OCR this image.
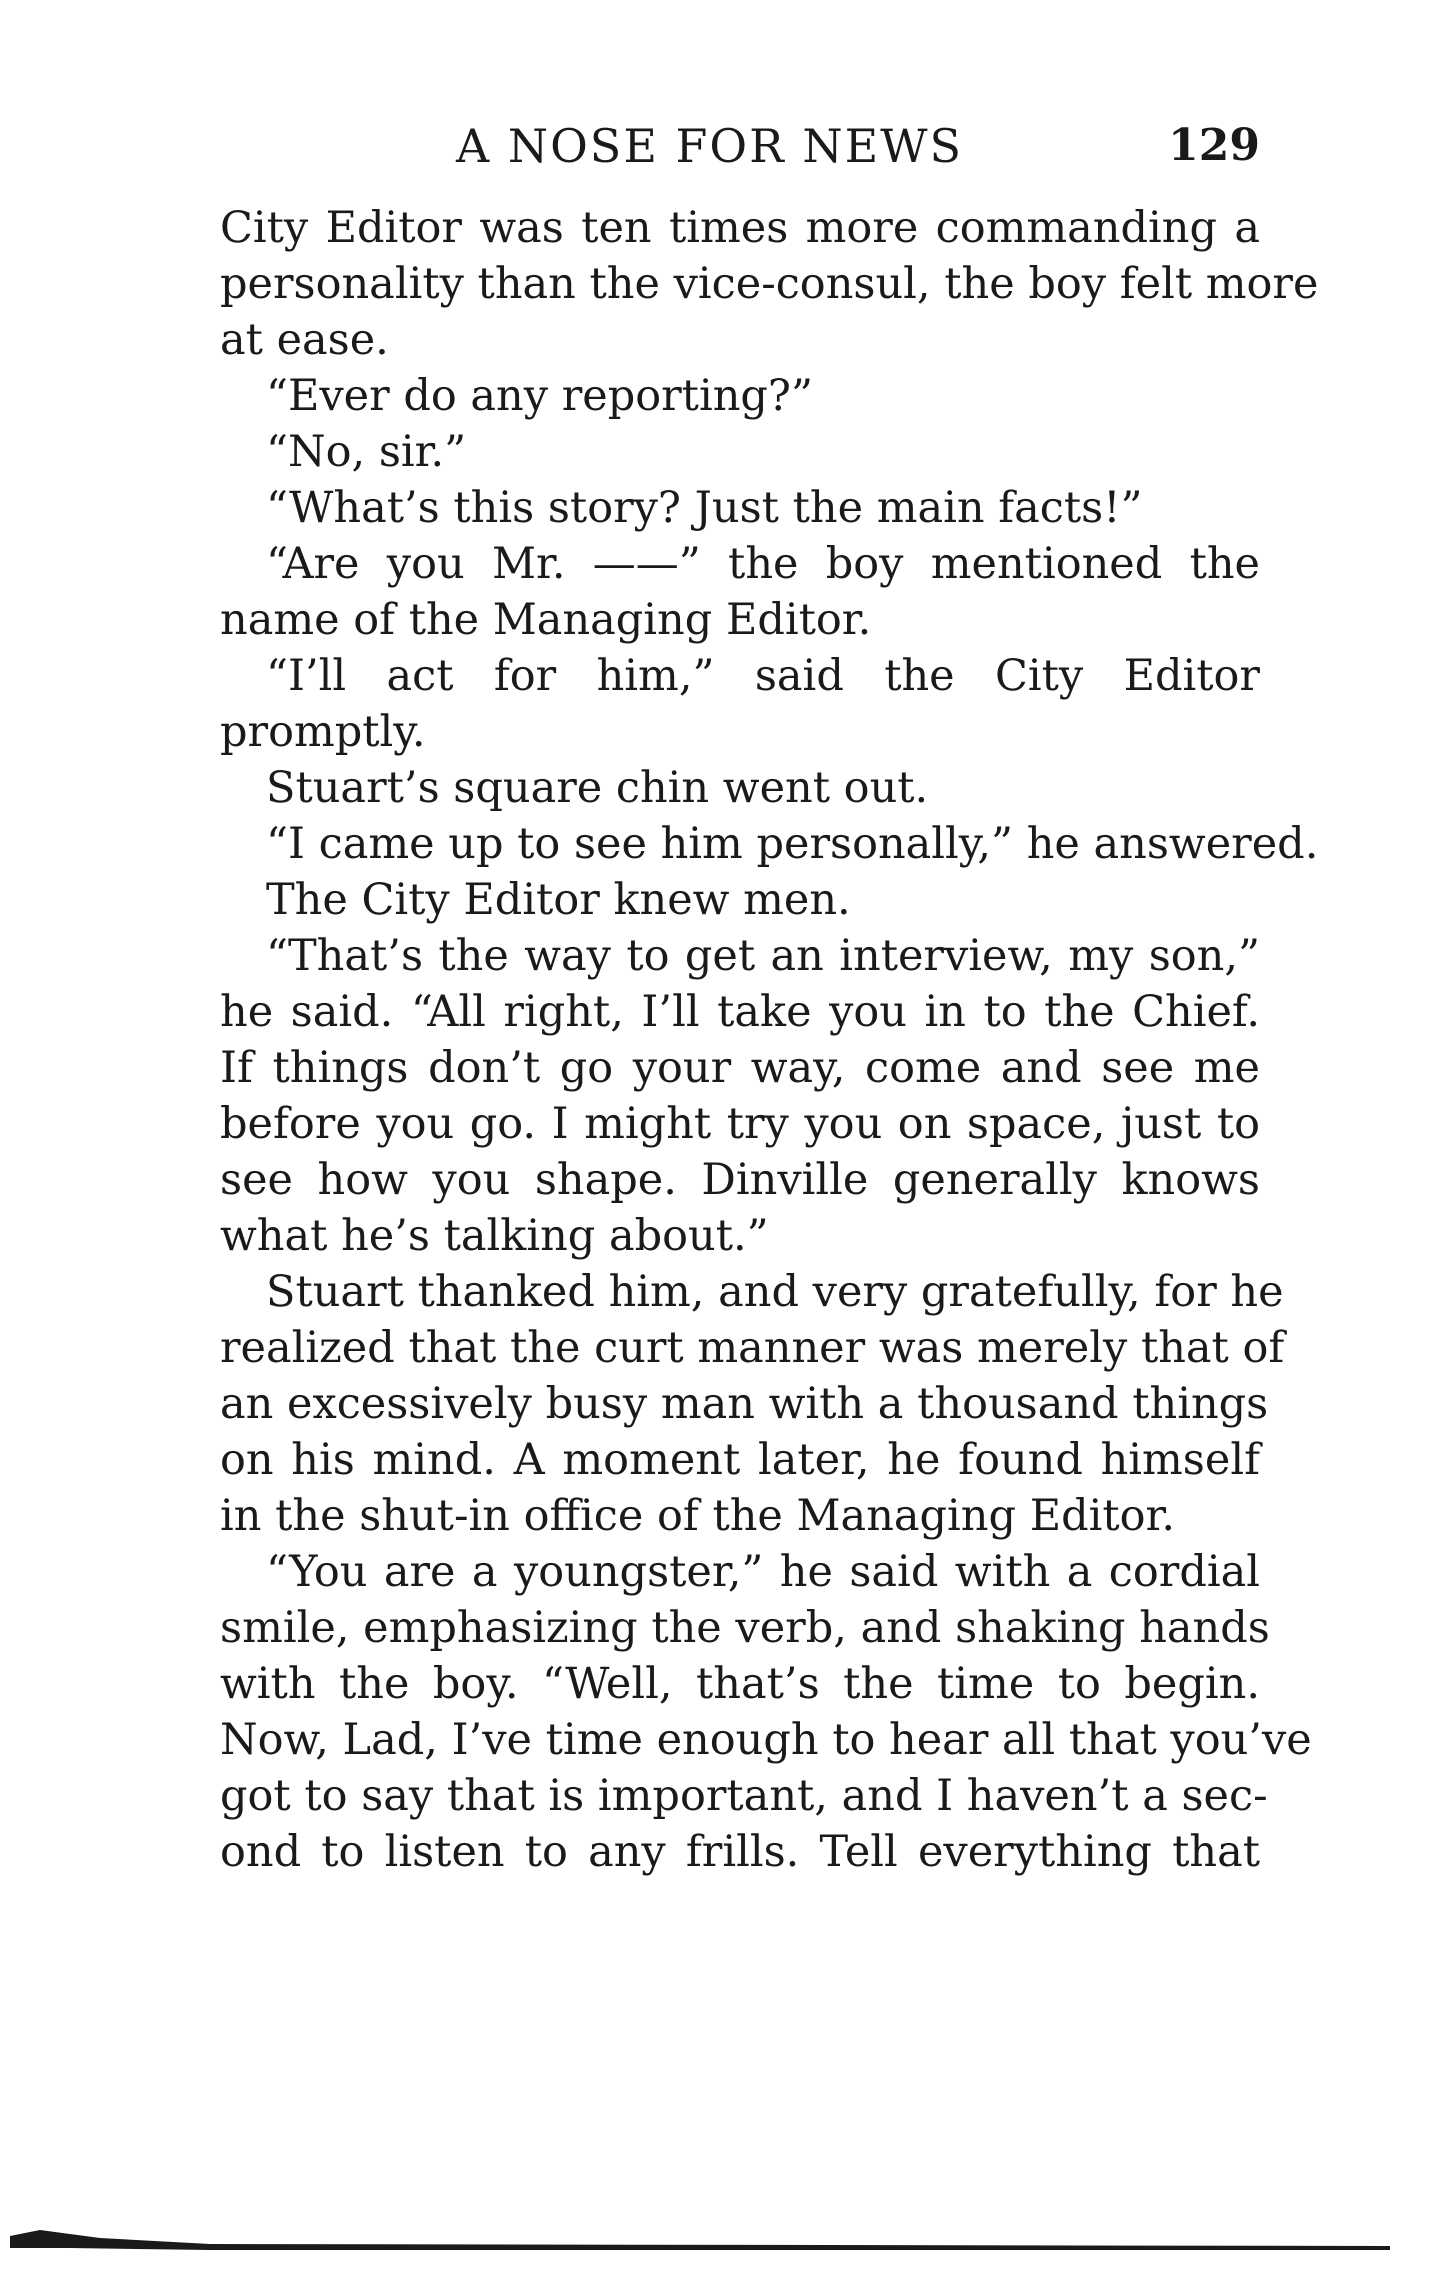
A NOSE FOR NEWS	129
City Editor was ten times more commanding a
personality than the vice-consul, the boy felt more
at ease.
“Ever do any reporting?”
“No, sir.”
“What’s this story? Just the main facts!”
“Are you Mr. ——” the boy mentioned the
name of the Managing Editor.
“I’ll act for him,” said the City Editor
promptly.
Stuart’s square chin went out.
“I came up to see him personally,” he answered.
The City Editor knew men.
“That’s the way to get an interview, my son,”
he said. “All right, I’ll take you in to the Chief.
If things don’t go your way, come and see me
before you go. I might try you on space, just to
see how you shape. Dinville generally knows
what he’s talking about.”
Stuart thanked him, and very gratefully, for he
realized that the curt manner was merely that of
an excessively busy man with a thousand things
on his mind. A moment later, he found himself
in the shut-in office of the Managing Editor.
“You are a youngster,” he said with a cordial
smile, emphasizing the verb, and shaking hands
with the boy. “Well, that’s the time to begin.
Now, Lad, I’ve time enough to hear all that you’ve
got to say that is important, and I haven’t a sec-
ond to listen to any frills. Tell everything that
